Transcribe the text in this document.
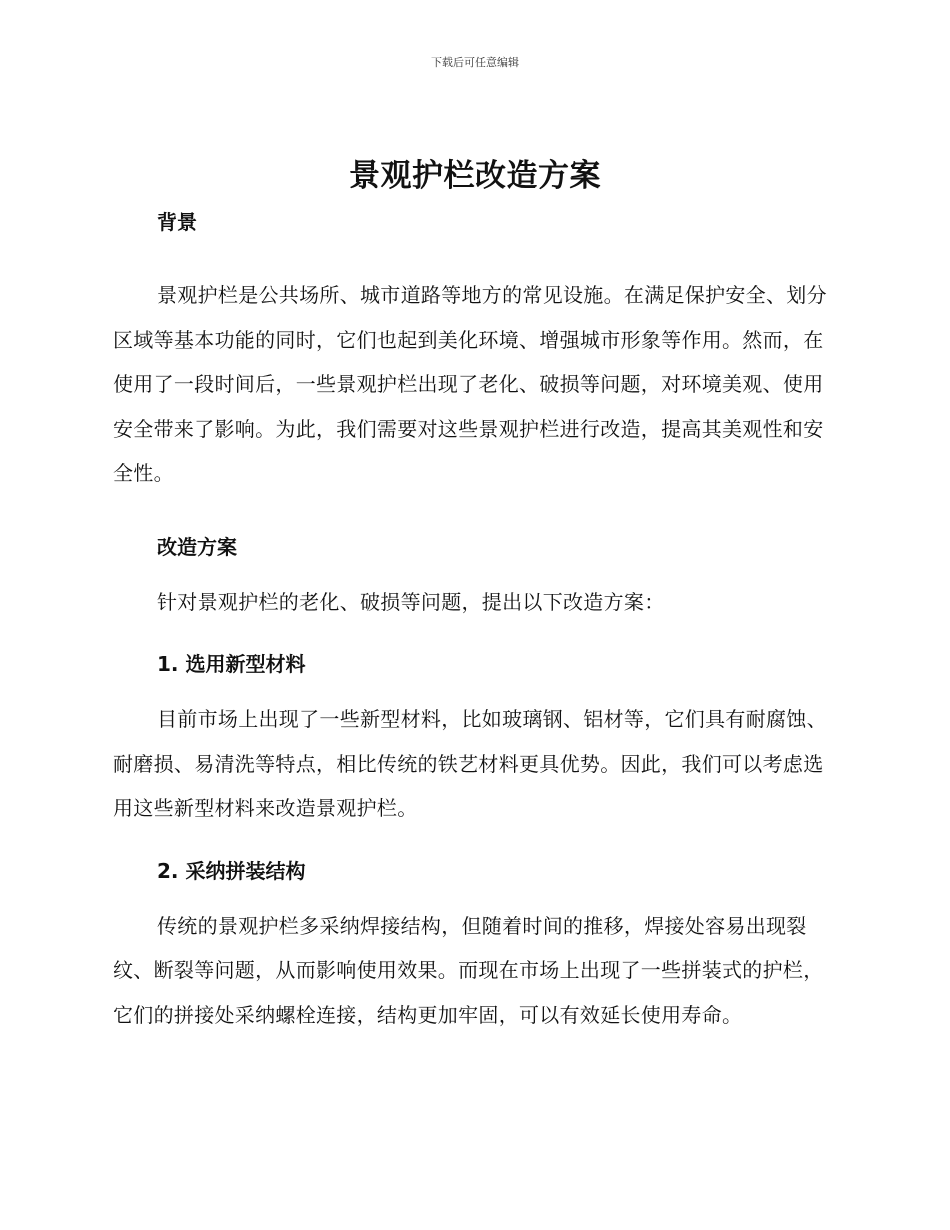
下载后可任意编辑
景观护栏改造方案
背景

景观护栏是公共场所、城市道路等地方的常见设施。在满足保护安全、划分区域等基本功能的同时，它们也起到美化环境、增强城市形象等作用。然而，在使用了一段时间后，一些景观护栏出现了老化、破损等问题，对环境美观、使用安全带来了影响。为此，我们需要对这些景观护栏进行改造，提高其美观性和安全性。

改造方案

针对景观护栏的老化、破损等问题，提出以下改造方案：

1. 选用新型材料

目前市场上出现了一些新型材料，比如玻璃钢、铝材等，它们具有耐腐蚀、耐磨损、易清洗等特点，相比传统的铁艺材料更具优势。因此，我们可以考虑选用这些新型材料来改造景观护栏。

2. 采纳拼装结构

传统的景观护栏多采纳焊接结构，但随着时间的推移，焊接处容易出现裂纹、断裂等问题，从而影响使用效果。而现在市场上出现了一些拼装式的护栏，它们的拼接处采纳螺栓连接，结构更加牢固，可以有效延长使用寿命。
